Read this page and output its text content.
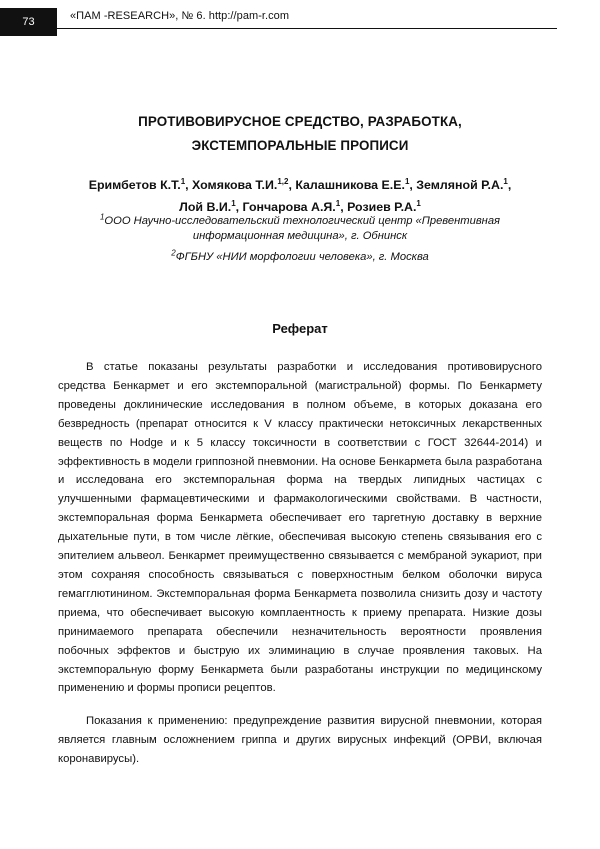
73	«ПАМ -RESEARCH», № 6. http://pam-r.com
ПРОТИВОВИРУСНОЕ СРЕДСТВО, РАЗРАБОТКА,
ЭКСТЕМПОРАЛЬНЫЕ ПРОПИСИ
Еримбетов К.Т.$^1$, Хомякова Т.И.$^{1,2}$, Калашникова Е.Е.$^1$, Земляной Р.А.$^1$,
Лой В.И.$^1$, Гончарова А.Я.$^1$, Розиев Р.А.$^1$
$^1$ООО Научно-исследовательский технологический центр «Превентивная
информационная медицина», г. Обнинск
$^2$ФГБНУ «НИИ морфологии человека», г. Москва
Реферат

В статье показаны результаты разработки и исследования противовирусного средства Бенкармет и его экстемпоральной (магистральной) формы. По Бенкармету проведены доклинические исследования в полном объеме, в которых доказана его безвредность (препарат относится к V классу практически нетоксичных лекарственных веществ по Hodge и к 5 классу токсичности в соответствии с ГОСТ 32644-2014) и эффективность в модели гриппозной пневмонии. На основе Бенкармета была разработана и исследована его экстемпоральная форма на твердых липидных частицах с улучшенными фармацевтическими и фармакологическими свойствами. В частности, экстемпоральная форма Бенкармета обеспечивает его таргетную доставку в верхние дыхательные пути, в том числе лёгкие, обеспечивая высокую степень связывания его с эпителием альвеол. Бенкармет преимущественно связывается с мембраной эукариот, при этом сохраняя способность связываться с поверхностным белком оболочки вируса гемагглютинином. Экстемпоральная форма Бенкармета позволила снизить дозу и частоту приема, что обеспечивает высокую комплаентность к приему препарата. Низкие дозы принимаемого препарата обеспечили незначительность вероятности проявления побочных эффектов и быструю их элиминацию в случае проявления таковых. На экстемпоральную форму Бенкармета были разработаны инструкции по медицинскому применению и формы прописи рецептов.

Показания к применению: предупреждение развития вирусной пневмонии, которая является главным осложнением гриппа и других вирусных инфекций (ОРВИ, включая коронавирусы).
